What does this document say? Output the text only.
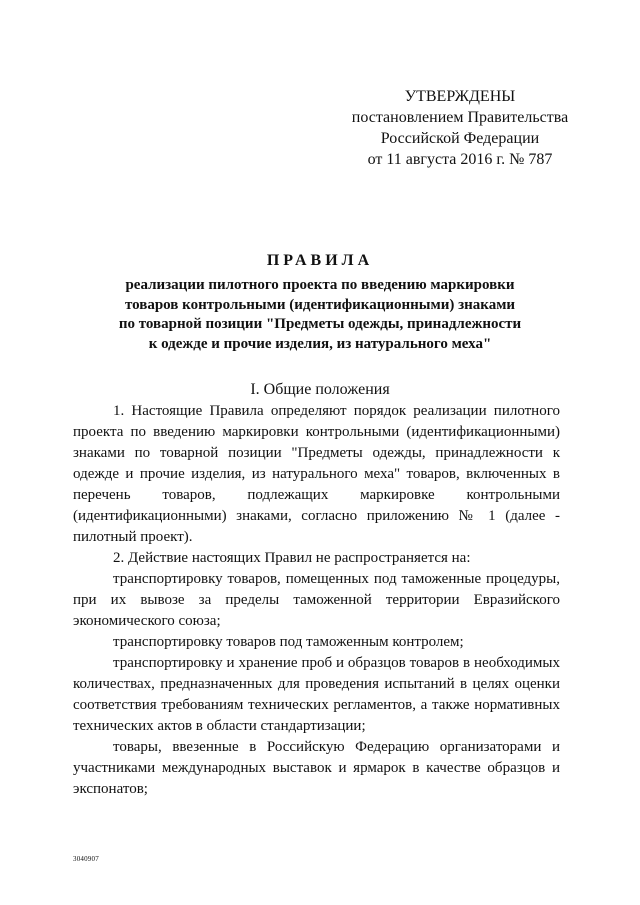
УТВЕРЖДЕНЫ
постановлением Правительства
Российской Федерации
от 11 августа 2016 г. № 787
ПРАВИЛА
реализации пилотного проекта по введению маркировки
товаров контрольными (идентификационными) знаками
по товарной позиции "Предметы одежды, принадлежности
к одежде и прочие изделия, из натурального меха"
I. Общие положения

1. Настоящие Правила определяют порядок реализации пилотного проекта по введению маркировки контрольными (идентификационными) знаками по товарной позиции "Предметы одежды, принадлежности к одежде и прочие изделия, из натурального меха" товаров, включенных в перечень товаров, подлежащих маркировке контрольными (идентификационными) знаками, согласно приложению № 1 (далее - пилотный проект).

2. Действие настоящих Правил не распространяется на:

транспортировку товаров, помещенных под таможенные процедуры, при их вывозе за пределы таможенной территории Евразийского экономического союза;

транспортировку товаров под таможенным контролем;

транспортировку и хранение проб и образцов товаров в необходимых количествах, предназначенных для проведения испытаний в целях оценки соответствия требованиям технических регламентов, а также нормативных технических актов в области стандартизации;

товары, ввезенные в Российскую Федерацию организаторами и участниками международных выставок и ярмарок в качестве образцов и экспонатов;

3040907
